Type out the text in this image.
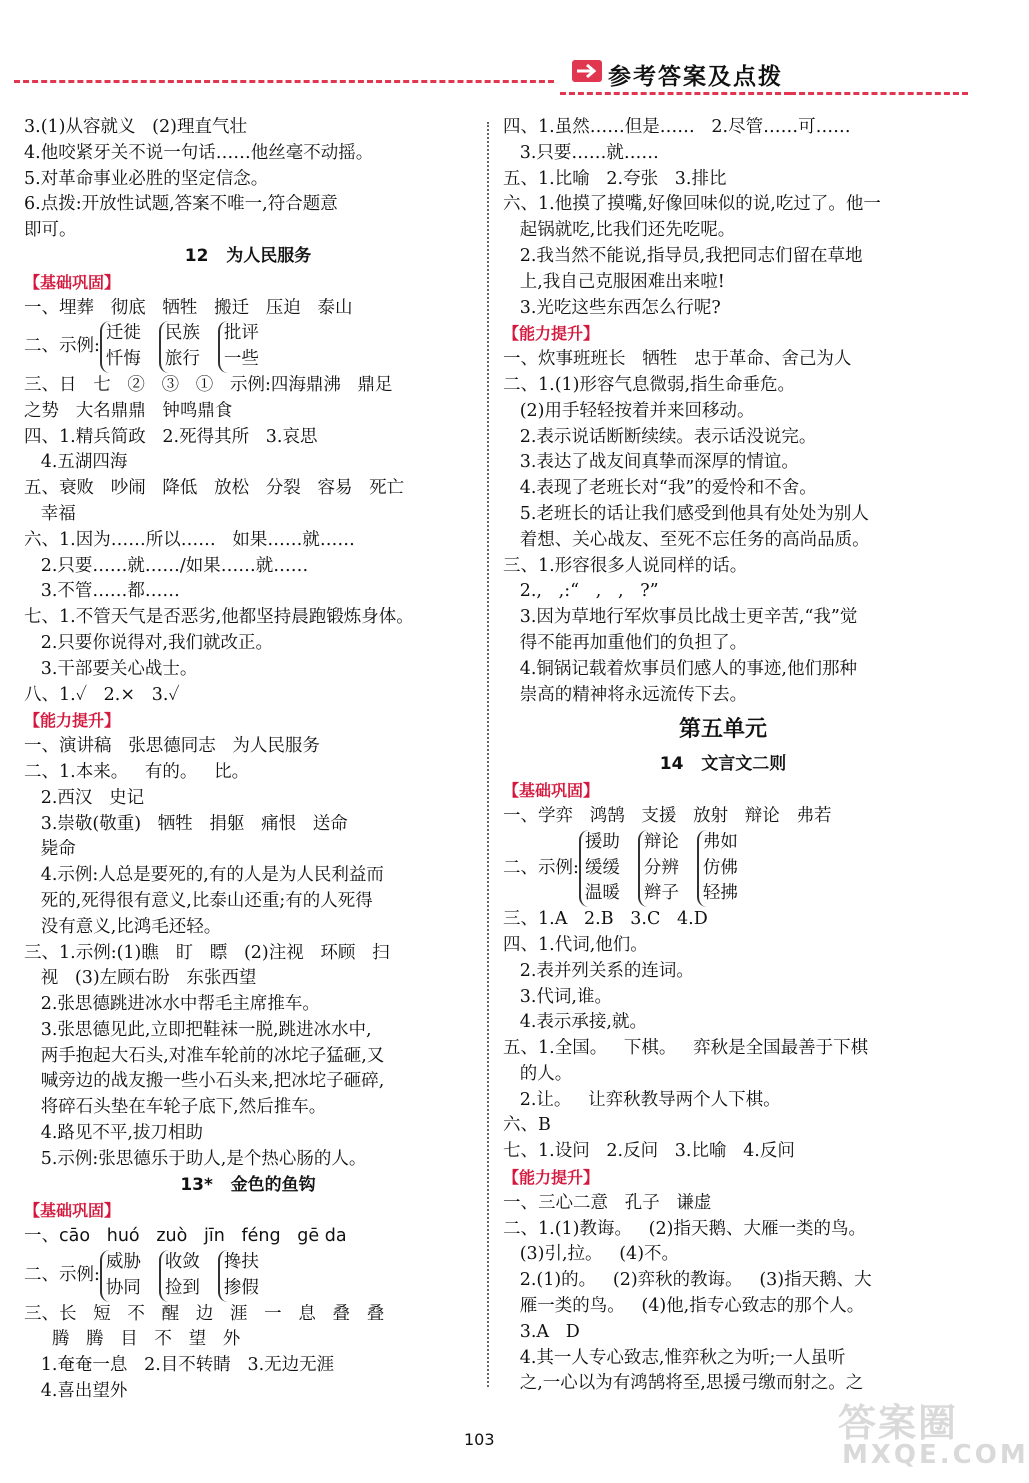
参考答案及点拨
3.(1)从容就义   (2)理直气壮
4.他咬紧牙关不说一句话……他丝毫不动摇。
5.对革命事业必胜的坚定信念。
6.点拨:开放性试题,答案不唯一,符合题意
即可。
12   为人民服务
【基础巩固】
一、埋葬   彻底   牺牲   搬迁   压迫   泰山
二、示例:
迁徙
忏悔
民族
旅行
批评
一些
三、日   七   ②   ③   ①   示例:四海鼎沸   鼎足
之势   大名鼎鼎   钟鸣鼎食
四、1.精兵简政   2.死得其所   3.哀思
4.五湖四海
五、衰败   吵闹   降低   放松   分裂   容易   死亡
幸福
六、1.因为……所以……   如果……就……
2.只要……就……/如果……就……
3.不管……都……
七、1.不管天气是否恶劣,他都坚持晨跑锻炼身体。
2.只要你说得对,我们就改正。
3.干部要关心战士。
八、1.✓   2.×   3.✓
【能力提升】
一、演讲稿   张思德同志   为人民服务
二、1.本来。   有的。   比。
2.西汉   史记
3.崇敬(敬重)   牺牲   捐躯   痛恨   送命
毙命
4.示例:人总是要死的,有的人是为人民利益而
死的,死得很有意义,比泰山还重;有的人死得
没有意义,比鸿毛还轻。
三、1.示例:(1)瞧   盯   瞟   (2)注视   环顾   扫
视   (3)左顾右盼   东张西望
2.张思德跳进冰水中帮毛主席推车。
3.张思德见此,立即把鞋袜一脱,跳进冰水中,
两手抱起大石头,对准车轮前的冰坨子猛砸,又
喊旁边的战友搬一些小石头来,把冰坨子砸碎,
将碎石头垫在车轮子底下,然后推车。
4.路见不平,拔刀相助
5.示例:张思德乐于助人,是个热心肠的人。
13*   金色的鱼钩
【基础巩固】
一、cāo   huó   zuò   jīn   féng   gē da
二、示例:
威胁
协同
收敛
捡到
搀扶
掺假
三、长   短   不   醒   边   涯   一   息   叠   叠
腾   腾   目   不   望   外
1.奄奄一息   2.目不转睛   3.无边无涯
4.喜出望外
四、1.虽然……但是……   2.尽管……可……
3.只要……就……
五、1.比喻   2.夸张   3.排比
六、1.他摸了摸嘴,好像回味似的说,吃过了。他一
起锅就吃,比我们还先吃呢。
2.我当然不能说,指导员,我把同志们留在草地
上,我自己克服困难出来啦!
3.光吃这些东西怎么行呢?
【能力提升】
一、炊事班班长   牺牲   忠于革命、舍己为人
二、1.(1)形容气息微弱,指生命垂危。
(2)用手轻轻按着并来回移动。
2.表示说话断断续续。表示话没说完。
3.表达了战友间真挚而深厚的情谊。
4.表现了老班长对“我”的爱怜和不舍。
5.老班长的话让我们感受到他具有处处为别人
着想、关心战友、至死不忘任务的高尚品质。
三、1.形容很多人说同样的话。
2.,   ,:“   ,   ,   ?”
3.因为草地行军炊事员比战士更辛苦,“我”觉
得不能再加重他们的负担了。
4.铜锅记载着炊事员们感人的事迹,他们那种
崇高的精神将永远流传下去。
第五单元
14   文言文二则
【基础巩固】
一、学弈   鸿鹄   支援   放射   辩论   弗若
二、示例:
援助
缓缓
温暖
辩论
分辨
辫子
弗如
仿佛
轻拂
三、1.A   2.B   3.C   4.D
四、1.代词,他们。
2.表并列关系的连词。
3.代词,谁。
4.表示承接,就。
五、1.全国。   下棋。   弈秋是全国最善于下棋
的人。
2.让。   让弈秋教导两个人下棋。
六、B
七、1.设问   2.反问   3.比喻   4.反问
【能力提升】
一、三心二意   孔子   谦虚
二、1.(1)教诲。   (2)指天鹅、大雁一类的鸟。
(3)引,拉。   (4)不。
2.(1)的。   (2)弈秋的教诲。   (3)指天鹅、大
雁一类的鸟。   (4)他,指专心致志的那个人。
3.A   D
4.其一人专心致志,惟弈秋之为听;一人虽听
之,一心以为有鸿鹄将至,思援弓缴而射之。之
103	答案圈
MXQE.COM
